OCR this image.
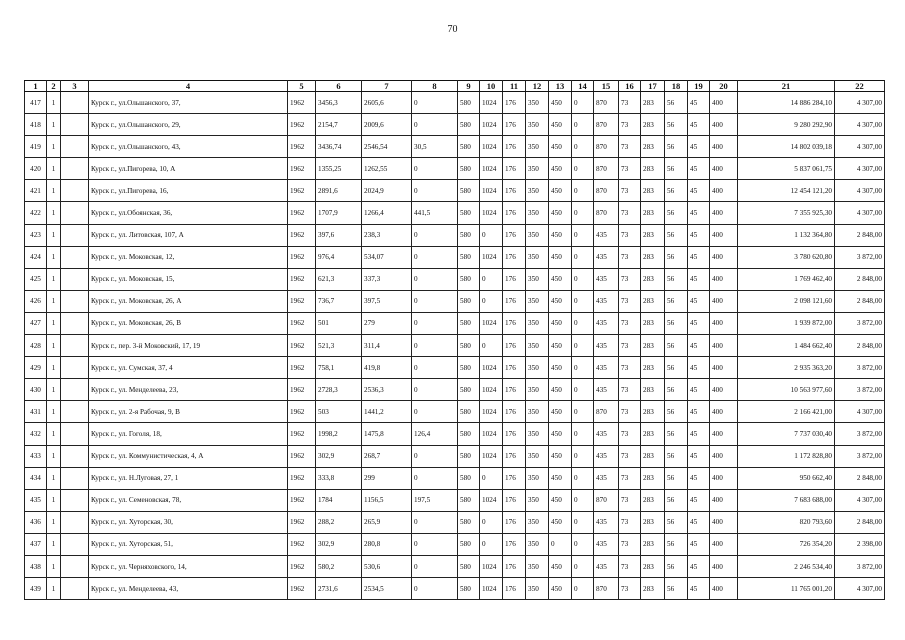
70
1	2	3	4	5	6	7	8	9	10	11	12	13	14	15	16	17	18	19	20	21	22
417	1		Курск г., ул.Ольшанского, 37,	1962	3456,3	2605,6	0	580	1024	176	350	450	0	870	73	283	56	45	400	14 886 284,10	4 307,00
418	1		Курск г., ул.Ольшанского, 29,	1962	2154,7	2009,6	0	580	1024	176	350	450	0	870	73	283	56	45	400	9 280 292,90	4 307,00
419	1		Курск г., ул.Ольшанского, 43,	1962	3436,74	2546,54	30,5	580	1024	176	350	450	0	870	73	283	56	45	400	14 802 039,18	4 307,00
420	1		Курск г., ул.Пигорева, 10, А	1962	1355,25	1262,55	0	580	1024	176	350	450	0	870	73	283	56	45	400	5 837 061,75	4 307,00
421	1		Курск г., ул.Пигорева, 16,	1962	2891,6	2024,9	0	580	1024	176	350	450	0	870	73	283	56	45	400	12 454 121,20	4 307,00
422	1		Курск г., ул.Обоянская, 36,	1962	1707,9	1266,4	441,5	580	1024	176	350	450	0	870	73	283	56	45	400	7 355 925,30	4 307,00
423	1		Курск г., ул. Литовская, 107, А	1962	397,6	238,3	0	580	0	176	350	450	0	435	73	283	56	45	400	1 132 364,80	2 848,00
424	1		Курск г., ул. Моковская, 12,	1962	976,4	534,07	0	580	1024	176	350	450	0	435	73	283	56	45	400	3 780 620,80	3 872,00
425	1		Курск г., ул. Моковская, 15,	1962	621,3	337,3	0	580	0	176	350	450	0	435	73	283	56	45	400	1 769 462,40	2 848,00
426	1		Курск г., ул. Моковская, 26, А	1962	736,7	397,5	0	580	0	176	350	450	0	435	73	283	56	45	400	2 098 121,60	2 848,00
427	1		Курск г., ул. Моковская, 26, В	1962	501	279	0	580	1024	176	350	450	0	435	73	283	56	45	400	1 939 872,00	3 872,00
428	1		Курск г., пер. 3-й Моковский, 17, 19	1962	521,3	311,4	0	580	0	176	350	450	0	435	73	283	56	45	400	1 484 662,40	2 848,00
429	1		Курск г., ул. Сумская, 37, 4	1962	758,1	419,8	0	580	1024	176	350	450	0	435	73	283	56	45	400	2 935 363,20	3 872,00
430	1		Курск г., ул. Менделеева, 23,	1962	2728,3	2536,3	0	580	1024	176	350	450	0	435	73	283	56	45	400	10 563 977,60	3 872,00
431	1		Курск г., ул. 2-я Рабочая, 9, В	1962	503	1441,2	0	580	1024	176	350	450	0	870	73	283	56	45	400	2 166 421,00	4 307,00
432	1		Курск г., ул. Гоголя, 18,	1962	1998,2	1475,8	126,4	580	1024	176	350	450	0	435	73	283	56	45	400	7 737 030,40	3 872,00
433	1		Курск г., ул. Коммунистическая, 4, А	1962	302,9	268,7	0	580	1024	176	350	450	0	435	73	283	56	45	400	1 172 828,80	3 872,00
434	1		Курск г., ул. Н.Луговая, 27, 1	1962	333,8	299	0	580	0	176	350	450	0	435	73	283	56	45	400	950 662,40	2 848,00
435	1		Курск г., ул. Семеновская, 78,	1962	1784	1156,5	197,5	580	1024	176	350	450	0	870	73	283	56	45	400	7 683 688,00	4 307,00
436	1		Курск г., ул. Хуторская, 30,	1962	288,2	265,9	0	580	0	176	350	450	0	435	73	283	56	45	400	820 793,60	2 848,00
437	1		Курск г., ул. Хуторская, 51,	1962	302,9	280,8	0	580	0	176	350	0	0	435	73	283	56	45	400	726 354,20	2 398,00
438	1		Курск г., ул. Черняховского, 14,	1962	580,2	530,6	0	580	1024	176	350	450	0	435	73	283	56	45	400	2 246 534,40	3 872,00
439	1		Курск г., ул. Менделеева, 43,	1962	2731,6	2534,5	0	580	1024	176	350	450	0	870	73	283	56	45	400	11 765 001,20	4 307,00
